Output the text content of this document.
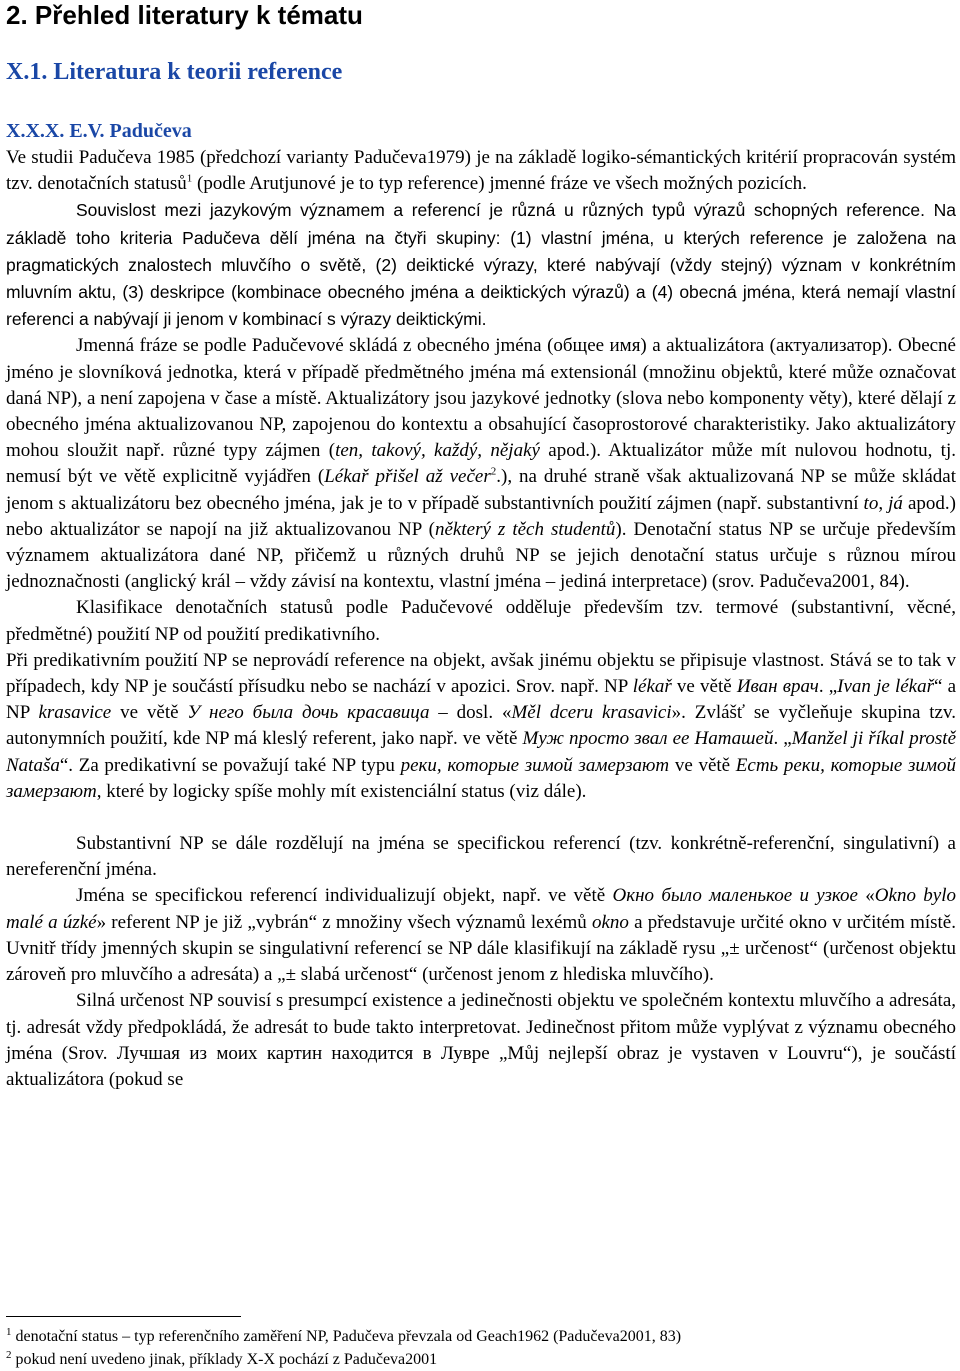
2. Přehled literatury k tématu
X.1. Literatura k teorii reference
X.X.X. E.V. Padučeva

Ve studii Padučeva 1985 (předchozí varianty Padučeva1979) je na základě logiko-sémantických kritérií propracován systém tzv. denotačních statusů$^1$ (podle Arutjunové je to typ reference) jmenné fráze ve všech možných pozicích.

Souvislost mezi jazykovým významem a referencí je různá u různých typů výrazů schopných reference. Na základě toho kriteria Padučeva dělí jména na čtyři skupiny: (1) vlastní jména, u kterých reference je založena na pragmatických znalostech mluvčího o světě, (2) deiktické výrazy, které nabývají (vždy stejný) význam v konkrétním mluvním aktu, (3) deskripce (kombinace obecného jména a deiktických výrazů) a (4) obecná jména, která nemají vlastní referenci a nabývají ji jenom v kombinací s výrazy deiktickými.

Jmenná fráze se podle Padučevové skládá z obecného jména (общее имя) a aktualizátora (актуализатор). Obecné jméno je slovníková jednotka, která v případě předmětného jména má extensionál (množinu objektů, které může označovat daná NP), a není zapojena v čase a místě. Aktualizátory jsou jazykové jednotky (slova nebo komponenty věty), které dělají z obecného jména aktualizovanou NP, zapojenou do kontextu a obsahující časoprostorové charakteristiky. Jako aktualizátory mohou sloužit např. různé typy zájmen (ten, takový, každý, nějaký apod.). Aktualizátor může mít nulovou hodnotu, tj. nemusí být ve větě explicitně vyjádřen (Lékař přišel až večer$^2$.), na druhé straně však aktualizovaná NP se může skládat jenom s aktualizátoru bez obecného jména, jak je to v případě substantivních použití zájmen (např. substantivní to, já apod.) nebo aktualizátor se napojí na již aktualizovanou NP (některý z těch studentů). Denotační status NP se určuje především významem aktualizátora dané NP, přičemž u různých druhů NP se jejich denotační status určuje s různou mírou jednoznačnosti (anglický král – vždy závisí na kontextu, vlastní jména – jediná interpretace) (srov. Padučeva2001, 84).

Klasifikace denotačních statusů podle Padučevové odděluje především tzv. termové (substantivní, věcné, předmětné) použití NP od použití predikativního.

Při predikativním použití NP se neprovádí reference na objekt, avšak jinému objektu se připisuje vlastnost. Stává se to tak v případech, kdy NP je součástí přísudku nebo se nachází v apozici. Srov. např. NP lékař ve větě Иван врач. „Ivan je lékař“ a NP krasavice ve větě У него была дочь красавица – dosl. «Měl dceru krasavici». Zvlášť se vyčleňuje skupina tzv. autonymních použití, kde NP má kleslý referent, jako např. ve větě Муж просто звал ее Наташей. „Manžel ji říkal prostě Nataša“. Za predikativní se považují také NP typu реки, которые зимой замерзают ve větě Есть реки, которые зимой замерзают, které by logicky spíše mohly mít existenciální status (viz dále).

Substantivní NP se dále rozdělují na jména se specifickou referencí (tzv. konkrétně-referenční, singulativní) a nereferenční jména.

Jména se specifickou referencí individualizují objekt, např. ve větě Окно было маленькое и узкое «Okno bylo malé a úzké» referent NP je již „vybrán“ z množiny všech významů lexémů okno a představuje určité okno v určitém místě. Uvnitř třídy jmenných skupin se singulativní referencí se NP dále klasifikují na základě rysu „± určenost“ (určenost objektu zároveň pro mluvčího a adresáta) a „± slabá určenost“ (určenost jenom z hlediska mluvčího).

Silná určenost NP souvisí s presumpcí existence a jedinečnosti objektu ve společném kontextu mluvčího a adresáta, tj. adresát vždy předpokládá, že adresát to bude takto interpretovat. Jedinečnost přitom může vyplývat z významu obecného jména (Srov. Лучшая из моих картин находится в Лувре „Můj nejlepší obraz je vystaven v Louvru“), je součástí aktualizátora (pokud se

$^1$ denotační status – typ referenčního zaměření NP, Padučeva převzala od Geach1962 (Padučeva2001, 83)

$^2$ pokud není uvedeno jinak, příklady X-X pochází z Padučeva2001
